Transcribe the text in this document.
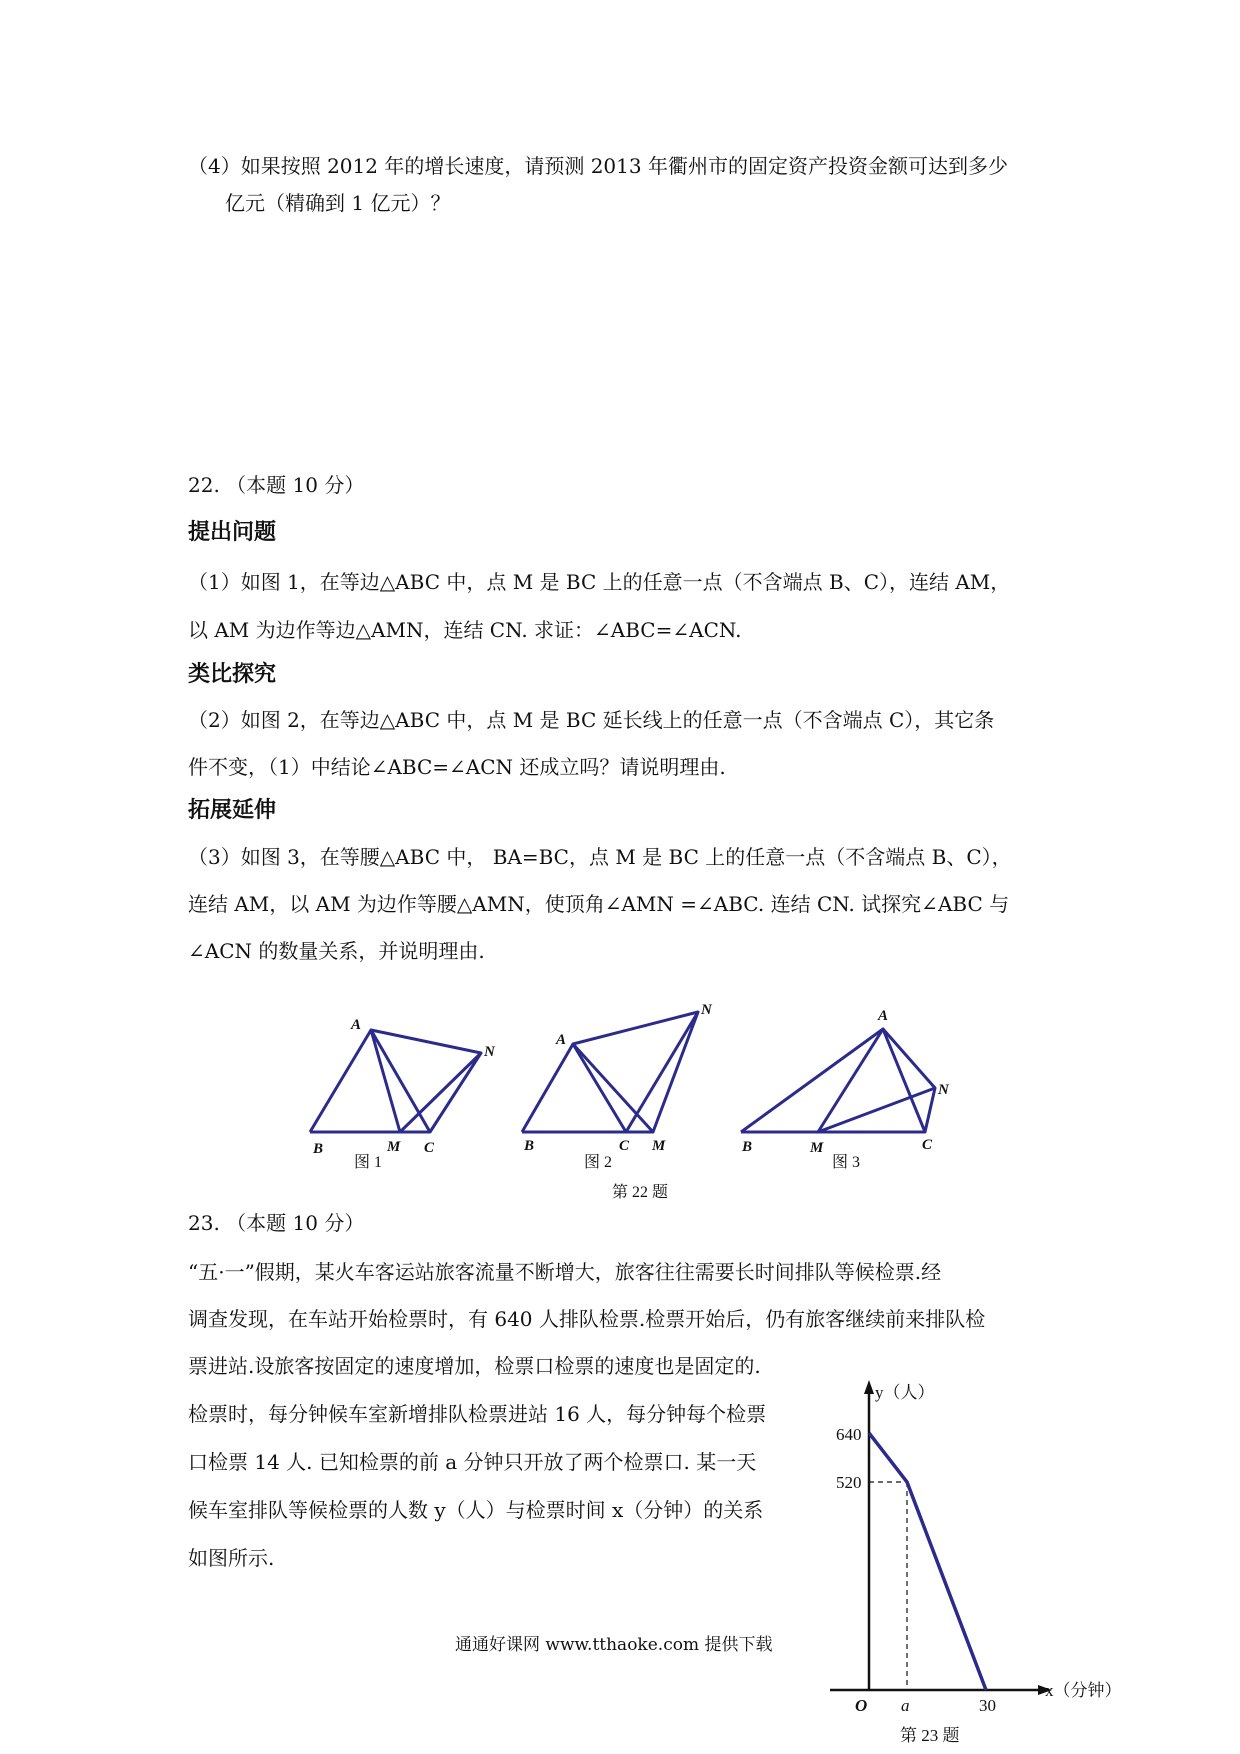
（4）如果按照 2012 年的增长速度，请预测 2013 年衢州市的固定资产投资金额可达到多少
亿元（精确到 1 亿元）？
22. （本题 10 分）
提出问题
（1）如图 1，在等边△ABC 中，点 M 是 BC 上的任意一点（不含端点 B、C），连结 AM，
以 AM 为边作等边△AMN，连结 CN. 求证：∠ABC=∠ACN.
类比探究
（2）如图 2，在等边△ABC 中，点 M 是 BC 延长线上的任意一点（不含端点 C），其它条
件不变，（1）中结论∠ABC=∠ACN 还成立吗？请说明理由.
拓展延伸
（3）如图 3，在等腰△ABC 中， BA=BC，点 M 是 BC 上的任意一点（不含端点 B、C），
连结 AM，以 AM 为边作等腰△AMN，使顶角∠AMN =∠ABC. 连结 CN. 试探究∠ABC 与
∠ACN 的数量关系，并说明理由.
A
B	M C
N
A
B	C M
N	A
B	M	C
N
图 1	图 2	图 3
第 22 题
23. （本题 10 分）
“五·一”假期，某火车客运站旅客流量不断增大，旅客往往需要长时间排队等候检票.经
调查发现，在车站开始检票时，有 640 人排队检票.检票开始后，仍有旅客继续前来排队检
票进站.设旅客按固定的速度增加，检票口检票的速度也是固定的.
检票时，每分钟候车室新增排队检票进站 16 人，每分钟每个检票
口检票 14 人. 已知检票的前 a 分钟只开放了两个检票口. 某一天
候车室排队等候检票的人数 y（人）与检票时间 x（分钟）的关系
如图所示.
y（人）
640
520
O a	30
x（分钟）
第 23 题
通通好课网 www.tthaoke.com 提供下载
